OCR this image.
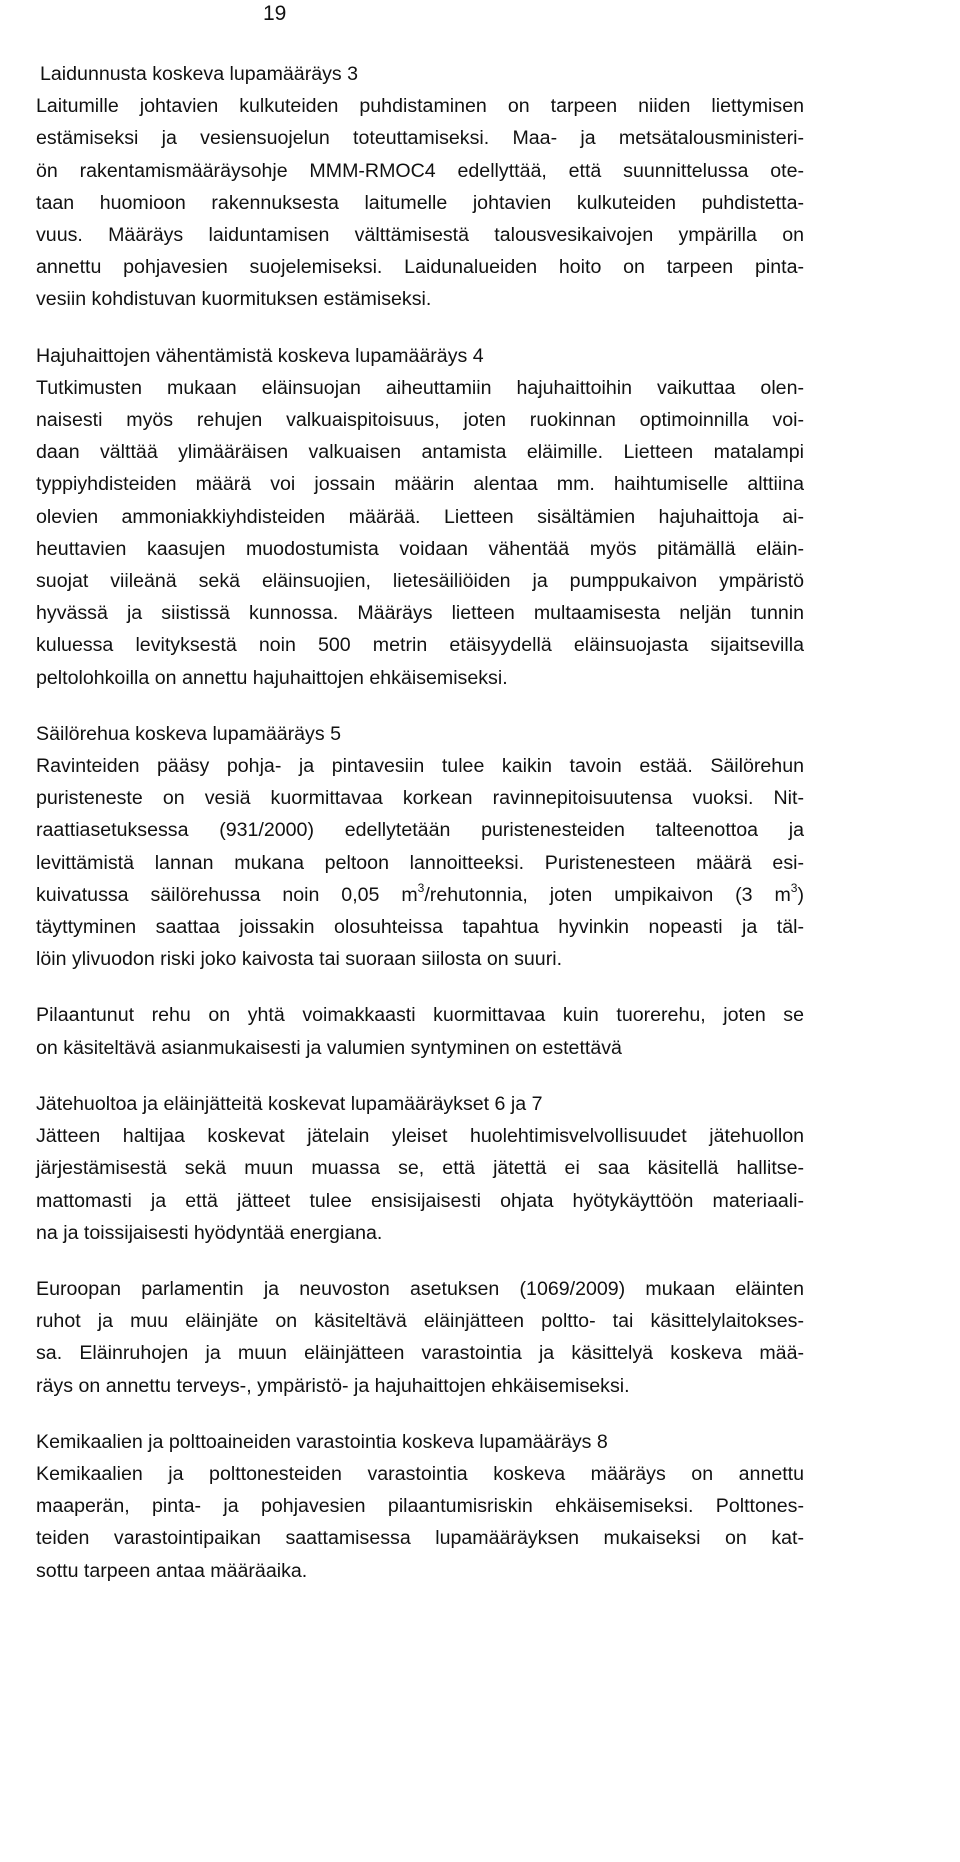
19
Laidunnusta koskeva lupamääräys 3
Laitumille johtavien kulkuteiden puhdistaminen on tarpeen niiden liettymisen
estämiseksi ja vesiensuojelun toteuttamiseksi. Maa- ja metsätalousministeri-
ön rakentamismääräysohje MMM-RMOC4 edellyttää, että suunnittelussa ote-
taan huomioon rakennuksesta laitumelle johtavien kulkuteiden puhdistetta-
vuus. Määräys laiduntamisen välttämisestä talousvesikaivojen ympärilla on
annettu pohjavesien suojelemiseksi. Laidunalueiden hoito on tarpeen pinta-
vesiin kohdistuvan kuormituksen estämiseksi.
Hajuhaittojen vähentämistä koskeva lupamääräys 4
Tutkimusten mukaan eläinsuojan aiheuttamiin hajuhaittoihin vaikuttaa olen-
naisesti myös rehujen valkuaispitoisuus, joten ruokinnan optimoinnilla voi-
daan välttää ylimääräisen valkuaisen antamista eläimille. Lietteen matalampi
typpiyhdisteiden määrä voi jossain määrin alentaa mm. haihtumiselle alttiina
olevien ammoniakkiyhdisteiden määrää. Lietteen sisältämien hajuhaittoja ai-
heuttavien kaasujen muodostumista voidaan vähentää myös pitämällä eläin-
suojat viileänä sekä eläinsuojien, lietesäiliöiden ja pumppukaivon ympäristö
hyvässä ja siistissä kunnossa. Määräys lietteen multaamisesta neljän tunnin
kuluessa levityksestä noin 500 metrin etäisyydellä eläinsuojasta sijaitsevilla
peltolohkoilla on annettu hajuhaittojen ehkäisemiseksi.
Säilörehua koskeva lupamääräys 5
Ravinteiden pääsy pohja- ja pintavesiin tulee kaikin tavoin estää. Säilörehun
puristeneste on vesiä kuormittavaa korkean ravinnepitoisuutensa vuoksi. Nit-
raattiasetuksessa (931/2000) edellytetään puristenesteiden talteenottoa ja
levittämistä lannan mukana peltoon lannoitteeksi. Puristenesteen määrä esi-
kuivatussa säilörehussa noin 0,05 $m^3$/rehutonnia, joten umpikaivon (3 $m^3$)
täyttyminen saattaa joissakin olosuhteissa tapahtua hyvinkin nopeasti ja täl-
löin ylivuodon riski joko kaivosta tai suoraan siilosta on suuri.
Pilaantunut rehu on yhtä voimakkaasti kuormittavaa kuin tuorerehu, joten se
on käsiteltävä asianmukaisesti ja valumien syntyminen on estettävä
Jätehuoltoa ja eläinjätteitä koskevat lupamääräykset 6 ja 7
Jätteen haltijaa koskevat jätelain yleiset huolehtimisvelvollisuudet jätehuollon
järjestämisestä sekä muun muassa se, että jätettä ei saa käsitellä hallitse-
mattomasti ja että jätteet tulee ensisijaisesti ohjata hyötykäyttöön materiaali-
na ja toissijaisesti hyödyntää energiana.
Euroopan parlamentin ja neuvoston asetuksen (1069/2009) mukaan eläinten
ruhot ja muu eläinjäte on käsiteltävä eläinjätteen poltto- tai käsittelylaitokses-
sa. Eläinruhojen ja muun eläinjätteen varastointia ja käsittelyä koskeva mää-
räys on annettu terveys-, ympäristö- ja hajuhaittojen ehkäisemiseksi.
Kemikaalien ja polttoaineiden varastointia koskeva lupamääräys 8
Kemikaalien ja polttonesteiden varastointia koskeva määräys on annettu
maaperän, pinta- ja pohjavesien pilaantumisriskin ehkäisemiseksi. Polttones-
teiden varastointipaikan saattamisessa lupamääräyksen mukaiseksi on kat-
sottu tarpeen antaa määräaika.
